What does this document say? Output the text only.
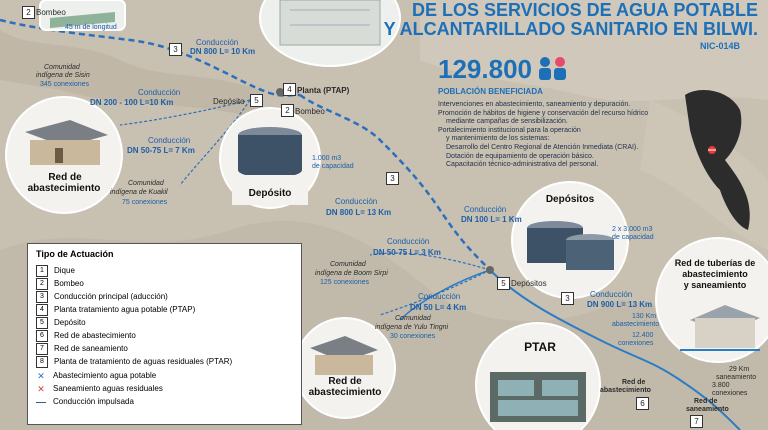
DE LOS SERVICIOS DE AGUA POTABLE
Y ALCANTARILLADO SANITARIO EN BILWI.
NIC-014B
129.800
POBLACIÓN BENEFICIADA
Intervenciones en abastecimiento, saneamiento y depuración.
Promoción de hábitos de higiene y conservación del recurso hídrico
mediante campañas de sensibilización.
Portalecimiento institucional para la operación
y mantenimiento de los sistemas:
Desarrollo del Centro Regional de Atención Inmediata (CRAI).
Dotación de equipamiento de operación básico.
Capacitación técnico-administrativa del personal.
2
3
4
5
2
3
5
3
6
7
Bombeo
45 m de longitud
Conducción
DN 800 L= 10 Km
Comunidad
indígena de Sisin
345 conexiones
Planta (PTAP)
Conducción
DN 200 - 100 L=10 Km	Depósito
Bombeo
Conducción
DN 50-75 L= 7 Km
Red de
abastecimiento	Comunidad
indígena de Kuakil
75 conexiones
Depósito
1.000 m3
de capacidad
Conducción
DN 800 L= 13 Km	Conducción
DN 100 L= 1 Km
Depósitos
2 x 3.000 m3
de capacidad
Conducción
DN 50-75 L= 3 Km
Comunidad
indígena de Boom Sirpi
125 conexiones
Conducción
DN 50 L= 4 Km
Comunidad
indígena de Yulu Tingni
30 conexiones
Depósitos
Conducción
DN 900 L= 13 Km
130 Km
abastecimiento
12.400
conexiones
Red de tuberías de
abastecimiento
y saneamiento
29 Km
saneamiento
3.800
conexiones
PTAR
Red de
abastecimiento
Red de
abastecimiento
Red de
saneamiento
Tipo de Actuación
1 Dique
2 Bombeo
3 Conducción principal (aducción)
4 Planta tratamiento agua potable (PTAP)
5 Depósito
6 Red de abastecimiento
7 Red de saneamiento
8 Planta de tratamiento de aguas residuales (PTAR)
✕ Abastecimiento agua potable
✕ Saneamiento aguas residuales
‒‒ Conducción impulsada
